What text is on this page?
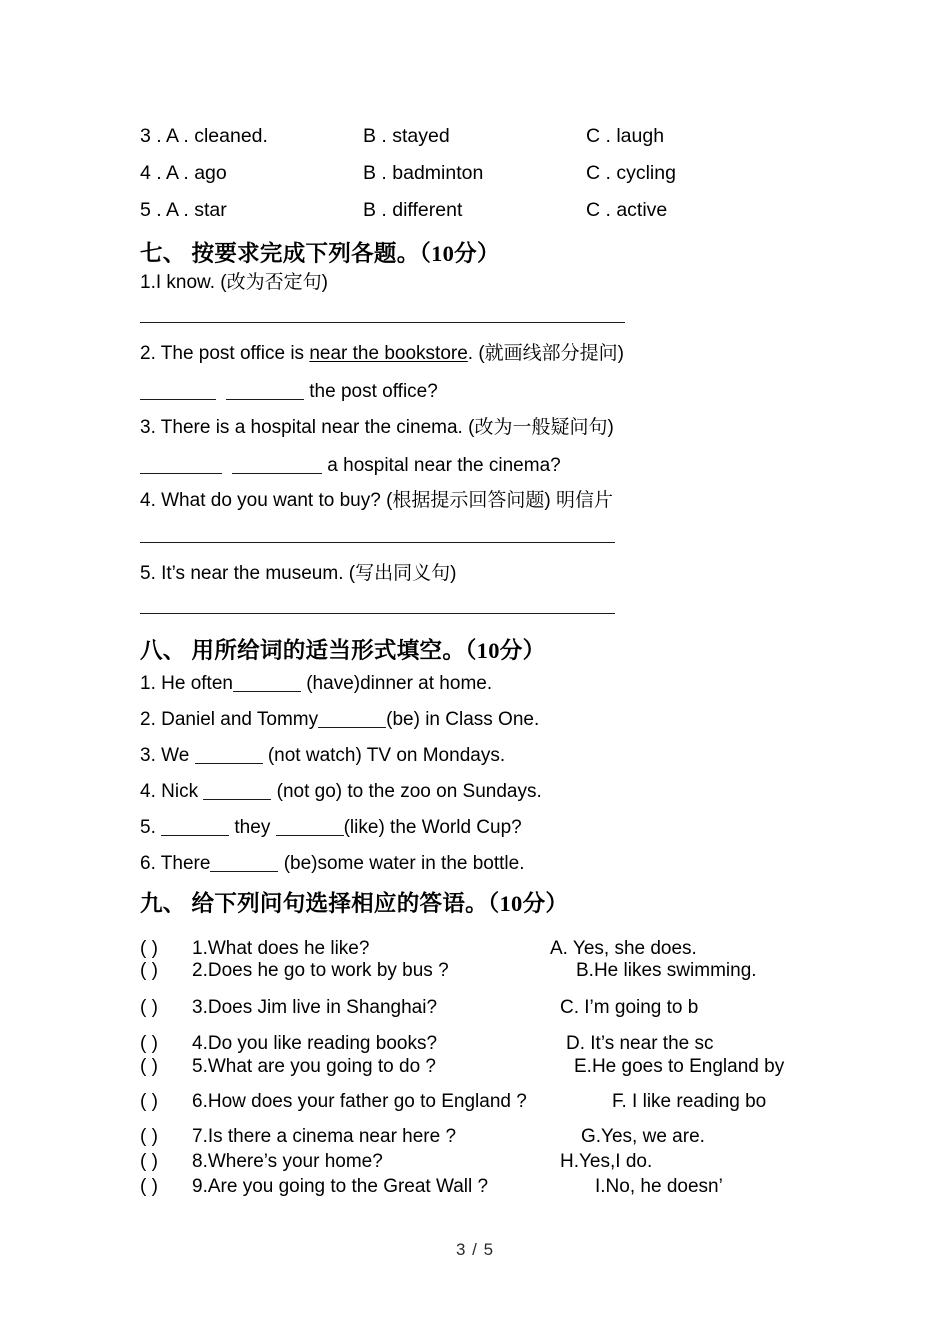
3 . A . cleaned.	B . stayed	C . laugh
4 . A . ago	B . badminton	C . cycling
5 . A . star	B . different	C . active
七、 按要求完成下列各题。（10分）
1.I know. (改为否定句)
2. The post office is near the bookstore. (就画线部分提问)
the post office?
3. There is a hospital near the cinema. (改为一般疑问句)
a hospital near the cinema?
4. What do you want to buy? (根据提示回答问题) 明信片
5. It’s near the museum. (写出同义句)
八、 用所给词的适当形式填空。（10分）
1. He often	(have)dinner at home.
2. Daniel and Tommy	(be) in Class One.
3. We	(not watch) TV on Mondays.
4. Nick	(not go) to the zoo on Sundays.
5.	they	(like) the World Cup?
6. There	(be)some water in the bottle.
九、 给下列问句选择相应的答语。（10分）
( ) 1.What does he like?	A. Yes, she does.
( ) 2.Does he go to work by bus ?	B.He likes swimming.
( ) 3.Does Jim live in Shanghai?	C. I’m going to b
( ) 4.Do you like reading books?	D. It’s near the sc
( ) 5.What are you going to do ?	E.He goes to England by
( ) 6.How does your father go to England ?	F. I like reading bo
( ) 7.Is there a cinema near here ?	G.Yes, we are.
( ) 8.Where’s your home?	H.Yes,I do.
( ) 9.Are you going to the Great Wall ?	I.No, he doesn’
3 / 5
